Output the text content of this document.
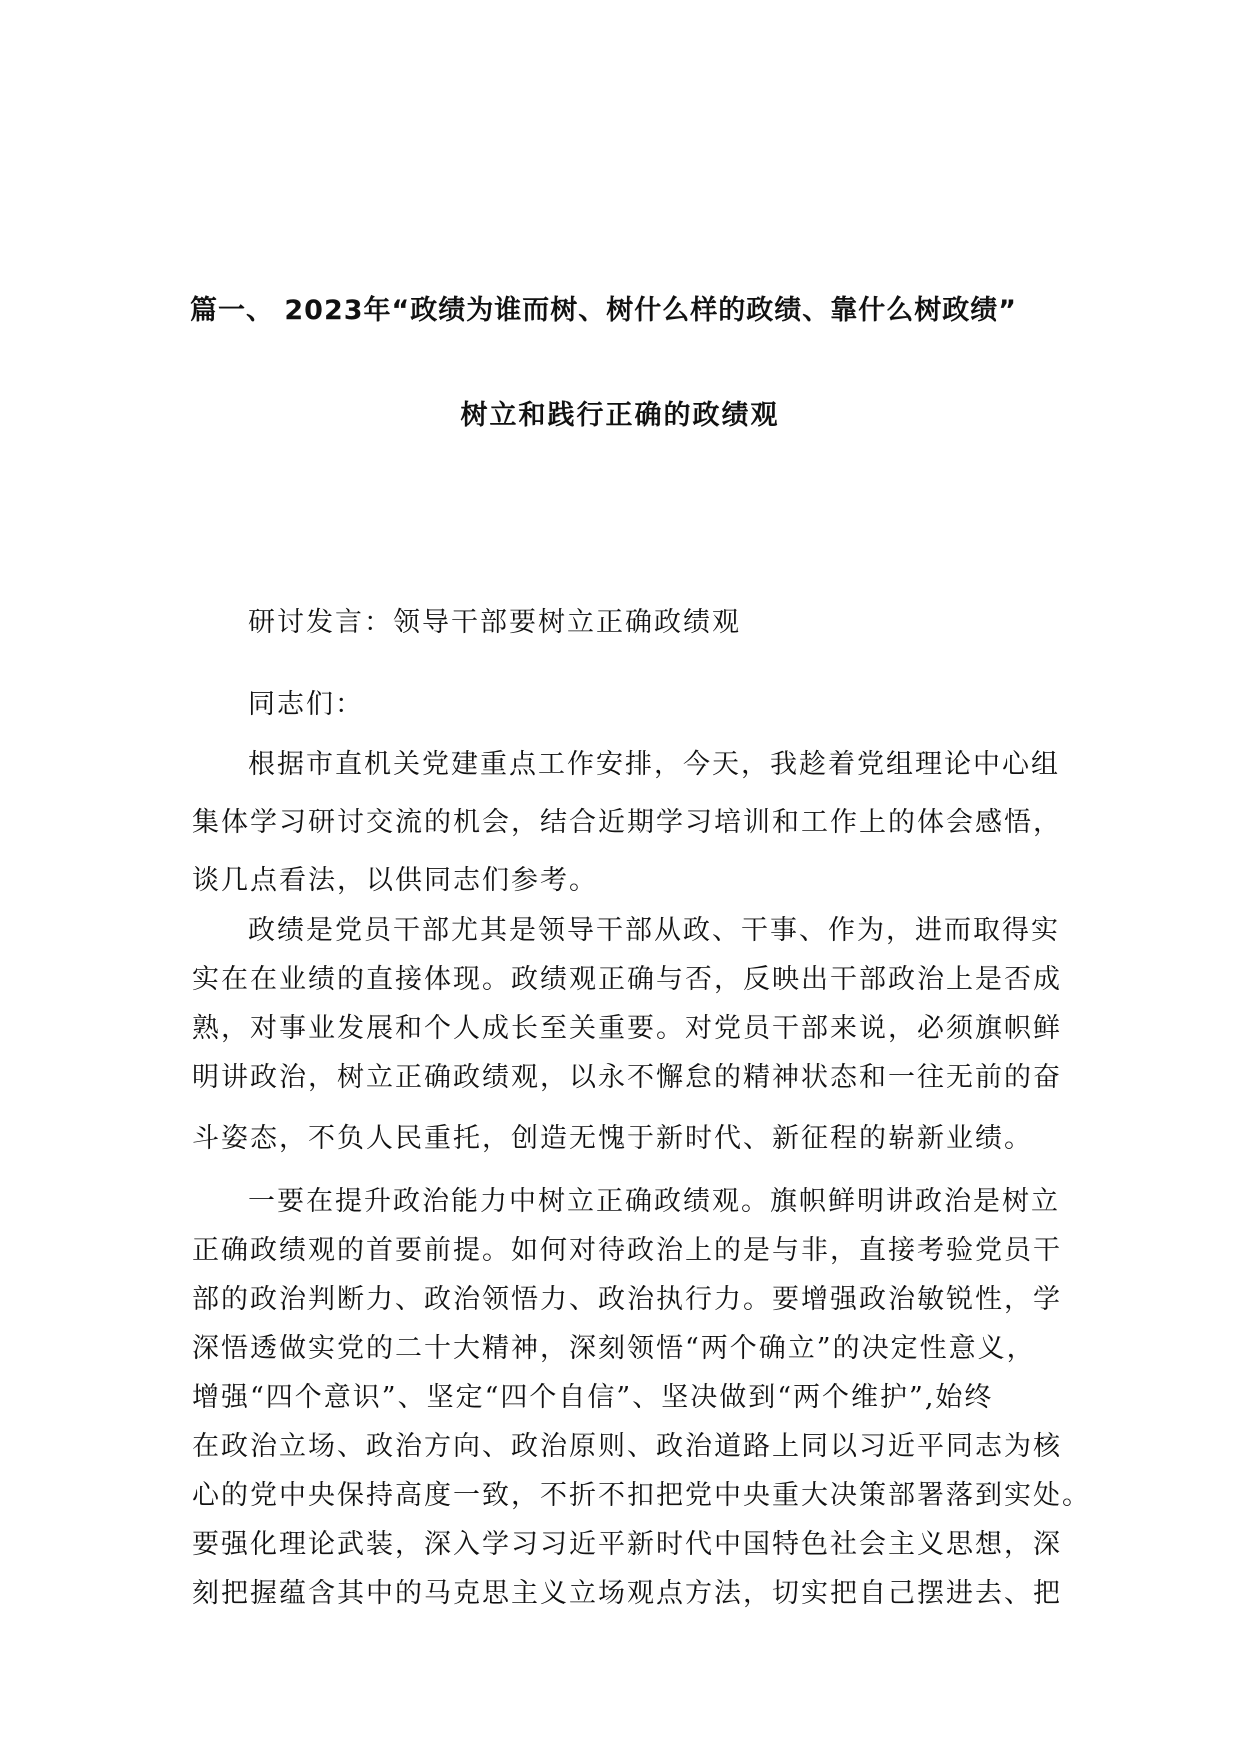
篇一、 2023年“政绩为谁而树、树什么样的政绩、靠什么树政绩”
树立和践行正确的政绩观

研讨发言：领导干部要树立正确政绩观

同志们：

根据市直机关党建重点工作安排，今天，我趁着党组理论中心组
集体学习研讨交流的机会，结合近期学习培训和工作上的体会感悟，
谈几点看法，以供同志们参考。

政绩是党员干部尤其是领导干部从政、干事、作为，进而取得实
实在在业绩的直接体现。政绩观正确与否，反映出干部政治上是否成
熟，对事业发展和个人成长至关重要。对党员干部来说，必须旗帜鲜
明讲政治，树立正确政绩观，以永不懈怠的精神状态和一往无前的奋
斗姿态，不负人民重托，创造无愧于新时代、新征程的崭新业绩。

一要在提升政治能力中树立正确政绩观。旗帜鲜明讲政治是树立
正确政绩观的首要前提。如何对待政治上的是与非，直接考验党员干
部的政治判断力、政治领悟力、政治执行力。要增强政治敏锐性，学
深悟透做实党的二十大精神，深刻领悟“两个确立”的决定性意义，
增强“四个意识”、坚定“四个自信”、坚决做到“两个维护”,始终
在政治立场、政治方向、政治原则、政治道路上同以习近平同志为核
心的党中央保持高度一致，不折不扣把党中央重大决策部署落到实处。
要强化理论武装，深入学习习近平新时代中国特色社会主义思想，深
刻把握蕴含其中的马克思主义立场观点方法，切实把自己摆进去、把
